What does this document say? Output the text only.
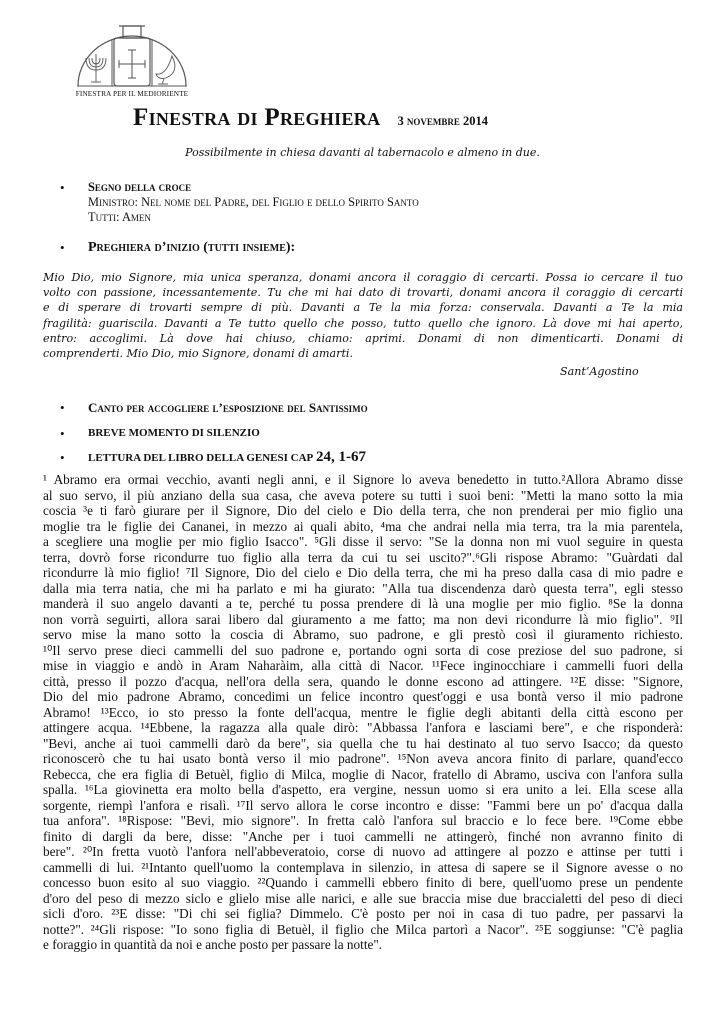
FINESTRA PER IL MEDIORIENTE
Finestra di Preghiera 3 novembre 2014
Possibilmente in chiesa davanti al tabernacolo e almeno in due.
• Segno della croce
Ministro: Nel nome del Padre, del Figlio e dello Spirito Santo
Tutti: Amen
• Preghiera d’inizio (tutti insieme):
Mio Dio, mio Signore, mia unica speranza, donami ancora il coraggio di cercarti. Possa io cercare il tuo
volto con passione, incessantemente. Tu che mi hai dato di trovarti, donami ancora il coraggio di cercarti
e di sperare di trovarti sempre di più. Davanti a Te la mia forza: conservala. Davanti a Te la mia
fragilità: guariscila. Davanti a Te tutto quello che posso, tutto quello che ignoro. Là dove mi hai aperto,
entro: accoglimi. Là dove hai chiuso, chiamo: aprimi. Donami di non dimenticarti. Donami di
comprenderti. Mio Dio, mio Signore, donami di amarti.
Sant’Agostino
• Canto per accogliere l’esposizione del Santissimo
• BREVE MOMENTO DI SILENZIO
• LETTURA DEL LIBRO DELLA GENESI CAP 24, 1-67
¹ Abramo era ormai vecchio, avanti negli anni, e il Signore lo aveva benedetto in tutto.²Allora Abramo disse
al suo servo, il più anziano della sua casa, che aveva potere su tutti i suoi beni: "Metti la mano sotto la mia
coscia ³e ti farò giurare per il Signore, Dio del cielo e Dio della terra, che non prenderai per mio figlio una
moglie tra le figlie dei Cananei, in mezzo ai quali abito, ⁴ma che andrai nella mia terra, tra la mia parentela,
a scegliere una moglie per mio figlio Isacco". ⁵Gli disse il servo: "Se la donna non mi vuol seguire in questa
terra, dovrò forse ricondurre tuo figlio alla terra da cui tu sei uscito?".⁶Gli rispose Abramo: "Guàrdati dal
ricondurre là mio figlio! ⁷Il Signore, Dio del cielo e Dio della terra, che mi ha preso dalla casa di mio padre e
dalla mia terra natia, che mi ha parlato e mi ha giurato: "Alla tua discendenza darò questa terra", egli stesso
manderà il suo angelo davanti a te, perché tu possa prendere di là una moglie per mio figlio. ⁸Se la donna
non vorrà seguirti, allora sarai libero dal giuramento a me fatto; ma non devi ricondurre là mio figlio". ⁹Il
servo mise la mano sotto la coscia di Abramo, suo padrone, e gli prestò così il giuramento richiesto.
¹⁰Il servo prese dieci cammelli del suo padrone e, portando ogni sorta di cose preziose del suo padrone, si
mise in viaggio e andò in Aram Naharàim, alla città di Nacor. ¹¹Fece inginocchiare i cammelli fuori della
città, presso il pozzo d'acqua, nell'ora della sera, quando le donne escono ad attingere. ¹²E disse: "Signore,
Dio del mio padrone Abramo, concedimi un felice incontro quest'oggi e usa bontà verso il mio padrone
Abramo! ¹³Ecco, io sto presso la fonte dell'acqua, mentre le figlie degli abitanti della città escono per
attingere acqua. ¹⁴Ebbene, la ragazza alla quale dirò: "Abbassa l'anfora e lasciami bere", e che risponderà:
"Bevi, anche ai tuoi cammelli darò da bere", sia quella che tu hai destinato al tuo servo Isacco; da questo
riconoscerò che tu hai usato bontà verso il mio padrone". ¹⁵Non aveva ancora finito di parlare, quand'ecco
Rebecca, che era figlia di Betuèl, figlio di Milca, moglie di Nacor, fratello di Abramo, usciva con l'anfora sulla
spalla. ¹⁶La giovinetta era molto bella d'aspetto, era vergine, nessun uomo si era unito a lei. Ella scese alla
sorgente, riempì l'anfora e risalì. ¹⁷Il servo allora le corse incontro e disse: "Fammi bere un po' d'acqua dalla
tua anfora". ¹⁸Rispose: "Bevi, mio signore". In fretta calò l'anfora sul braccio e lo fece bere. ¹⁹Come ebbe
finito di dargli da bere, disse: "Anche per i tuoi cammelli ne attingerò, finché non avranno finito di
bere". ²⁰In fretta vuotò l'anfora nell'abbeveratoio, corse di nuovo ad attingere al pozzo e attinse per tutti i
cammelli di lui. ²¹Intanto quell'uomo la contemplava in silenzio, in attesa di sapere se il Signore avesse o no
concesso buon esito al suo viaggio. ²²Quando i cammelli ebbero finito di bere, quell'uomo prese un pendente
d'oro del peso di mezzo siclo e glielo mise alle narici, e alle sue braccia mise due braccialetti del peso di dieci
sicli d'oro. ²³E disse: "Di chi sei figlia? Dimmelo. C'è posto per noi in casa di tuo padre, per passarvi la
notte?". ²⁴Gli rispose: "Io sono figlia di Betuèl, il figlio che Milca partorì a Nacor". ²⁵E soggiunse: "C'è paglia
e foraggio in quantità da noi e anche posto per passare la notte".
